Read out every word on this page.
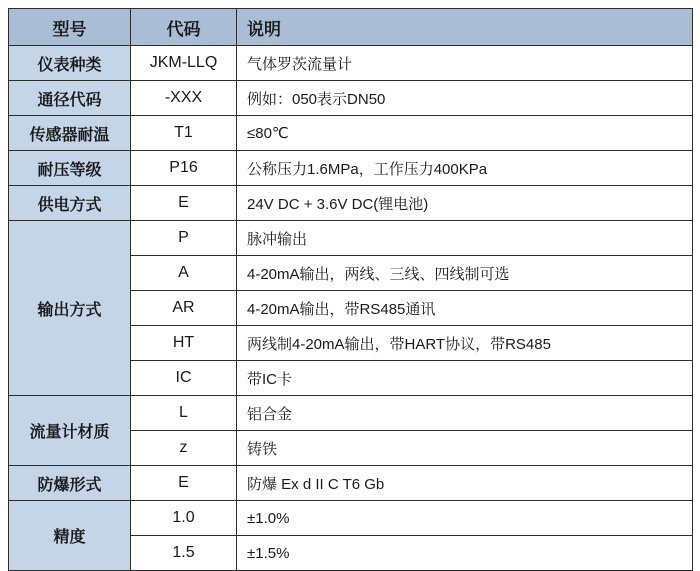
型号	代码	说明

仪表种类	JKM-LLQ	气体罗茨流量计

通径代码	-XXX	例如：050表示DN50

传感器耐温	T1	≤80℃

耐压等级	P16	公称压力1.6MPa，工作压力400KPa

供电方式	E	24V DC + 3.6V DC(锂电池)

输出方式	P	脉冲输出

A	4-20mA输出，两线、三线、四线制可选

AR	4-20mA输出，带RS485通讯

HT	两线制4-20mA输出，带HART协议，带RS485

IC	带IC卡

流量计材质	L	铝合金

z	铸铁

防爆形式	E	防爆 Ex d II C T6 Gb

精度	1.0	±1.0%

1.5	±1.5%
